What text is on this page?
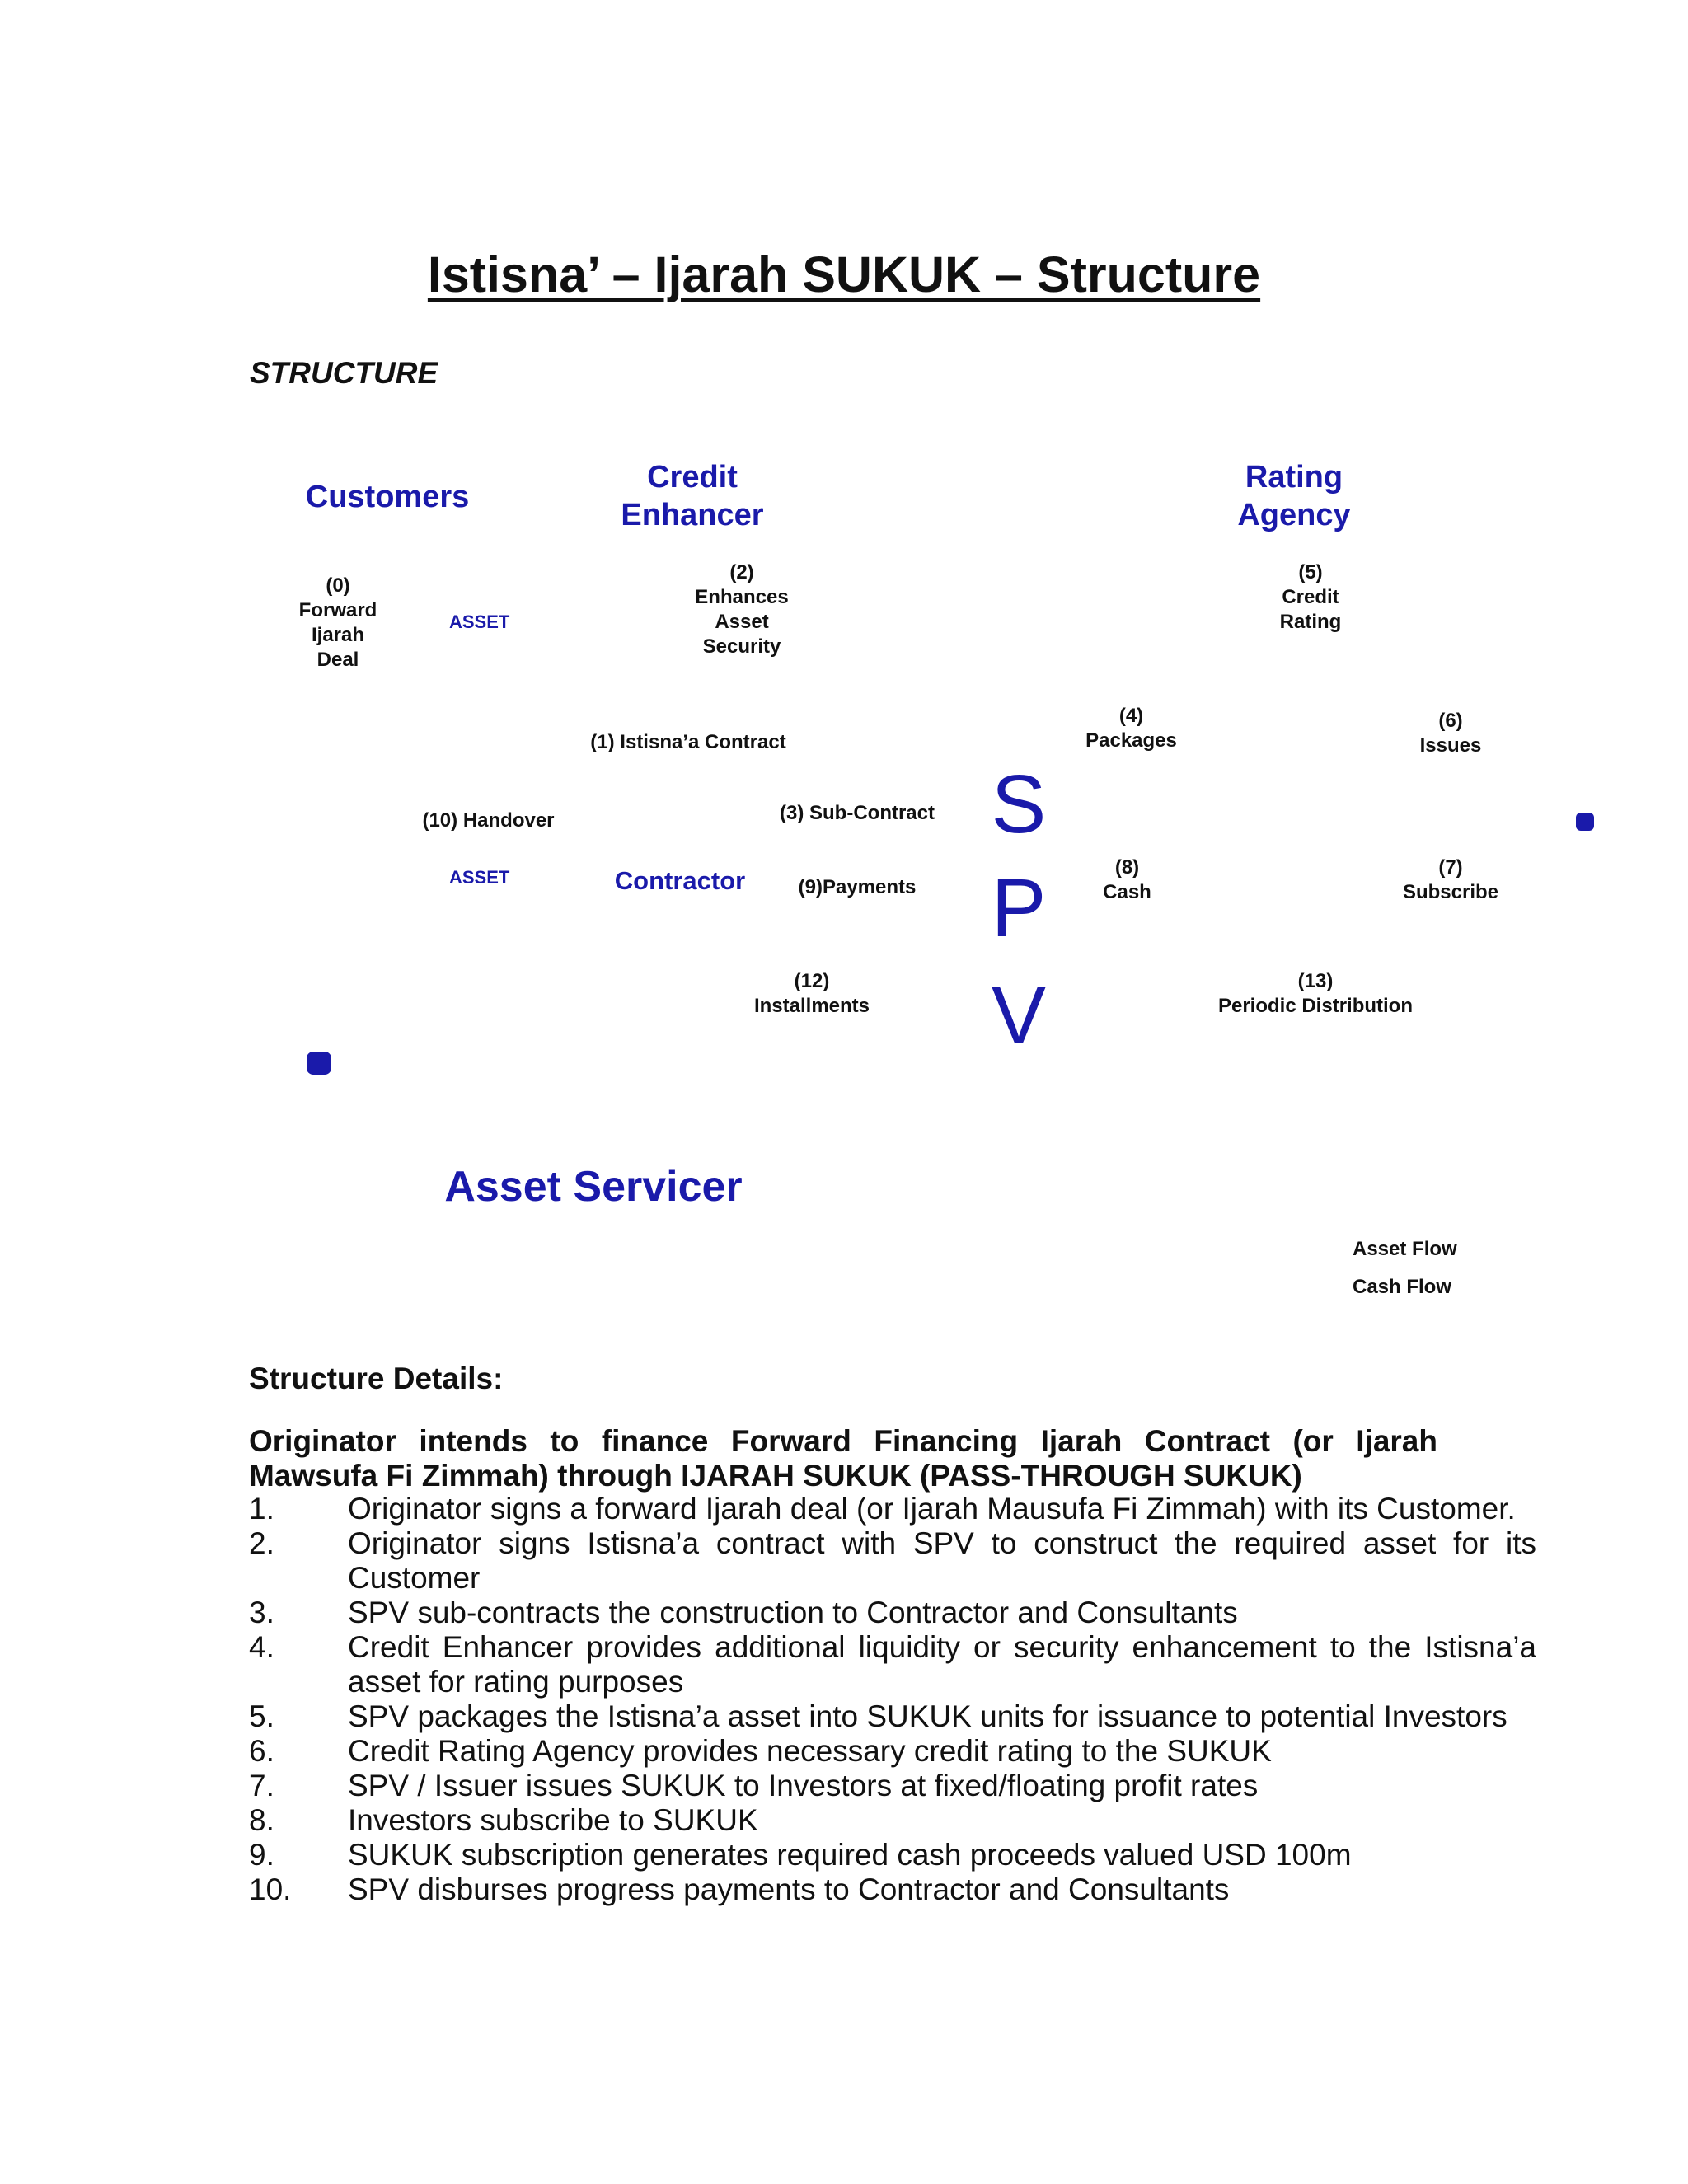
Istisna’ – Ijarah SUKUK – Structure
STRUCTURE
Customers
Credit
Enhancer
Rating
Agency
Contractor
Asset Servicer
S
P
V
ASSET
ASSET
(0)
Forward
Ijarah
Deal
(2)
Enhances
Asset
Security
(5)
Credit
Rating
(4)
Packages
(6)
Issues
(1) Istisna’a Contract
(3) Sub-Contract
(10) Handover
(9)Payments
(8)
Cash
(7)
Subscribe
(12)
Installments
(13)
Periodic Distribution
Asset Flow
Cash Flow
Structure Details:
Originator intends to finance Forward Financing Ijarah Contract (or Ijarah Mawsufa Fi Zimmah) through IJARAH SUKUK (PASS-THROUGH SUKUK)
1.	Originator signs a forward Ijarah deal (or Ijarah Mausufa Fi Zimmah) with its Customer.
2.	Originator signs Istisna’a contract with SPV to construct the required asset for its Customer
3.	SPV sub-contracts the construction to Contractor and Consultants
4.	Credit Enhancer provides additional liquidity or security enhancement to the Istisna’a asset for rating purposes
5.	SPV packages the Istisna’a asset into SUKUK units for issuance to potential Investors
6.	Credit Rating Agency provides necessary credit rating to the SUKUK
7.	SPV / Issuer issues SUKUK to Investors at fixed/floating profit rates
8.	Investors subscribe to SUKUK
9.	SUKUK subscription generates required cash proceeds valued USD 100m
10.	SPV disburses progress payments to Contractor and Consultants
